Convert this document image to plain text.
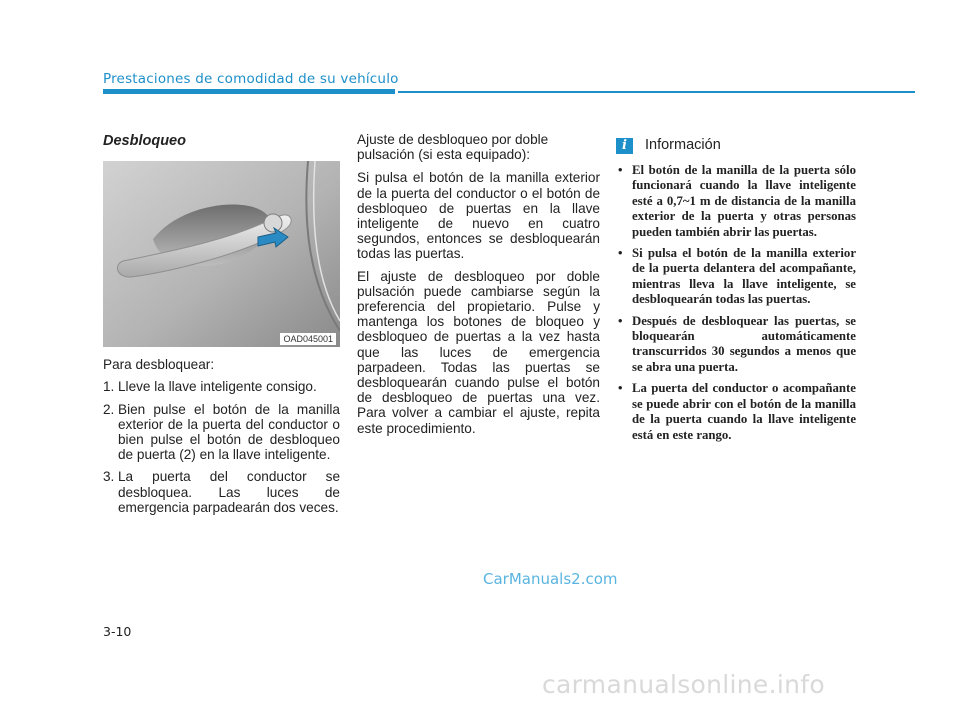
Prestaciones de comodidad de su vehículo
Desbloqueo
OAD045001

Para desbloquear:

1. Lleve la llave inteligente consigo.
2. Bien pulse el botón de la manilla exterior de la puerta del conductor o bien pulse el botón de desbloqueo de puerta (2) en la llave inteligente.
3. La puerta del conductor se desbloquea. Las luces de emergencia parpadearán dos veces.

Ajuste de desbloqueo por doble pulsación (si esta equipado):

Si pulsa el botón de la manilla exterior de la puerta del conductor o el botón de desbloqueo de puertas en la llave inteligente de nuevo en cuatro segundos, entonces se desbloquearán todas las puertas.

El ajuste de desbloqueo por doble pulsación puede cambiarse según la preferencia del propietario. Pulse y mantenga los botones de bloqueo y desbloqueo de puertas a la vez hasta que las luces de emergencia parpadeen. Todas las puertas se desbloquearán cuando pulse el botón de desbloqueo de puertas una vez. Para volver a cambiar el ajuste, repita este procedimiento.

i	Información
• El botón de la manilla de la puerta sólo funcionará cuando la llave inteligente esté a 0,7~1 m de distancia de la manilla exterior de la puerta y otras personas pueden también abrir las puertas.
• Si pulsa el botón de la manilla exterior de la puerta delantera del acompañante, mientras lleva la llave inteligente, se desbloquearán todas las puertas.
• Después de desbloquear las puertas, se bloquearán automáticamente transcurridos 30 segundos a menos que se abra una puerta.
• La puerta del conductor o acompañante se puede abrir con el botón de la manilla de la puerta cuando la llave inteligente está en este rango.
CarManuals2.com
3-10
carmanualsonline.info
